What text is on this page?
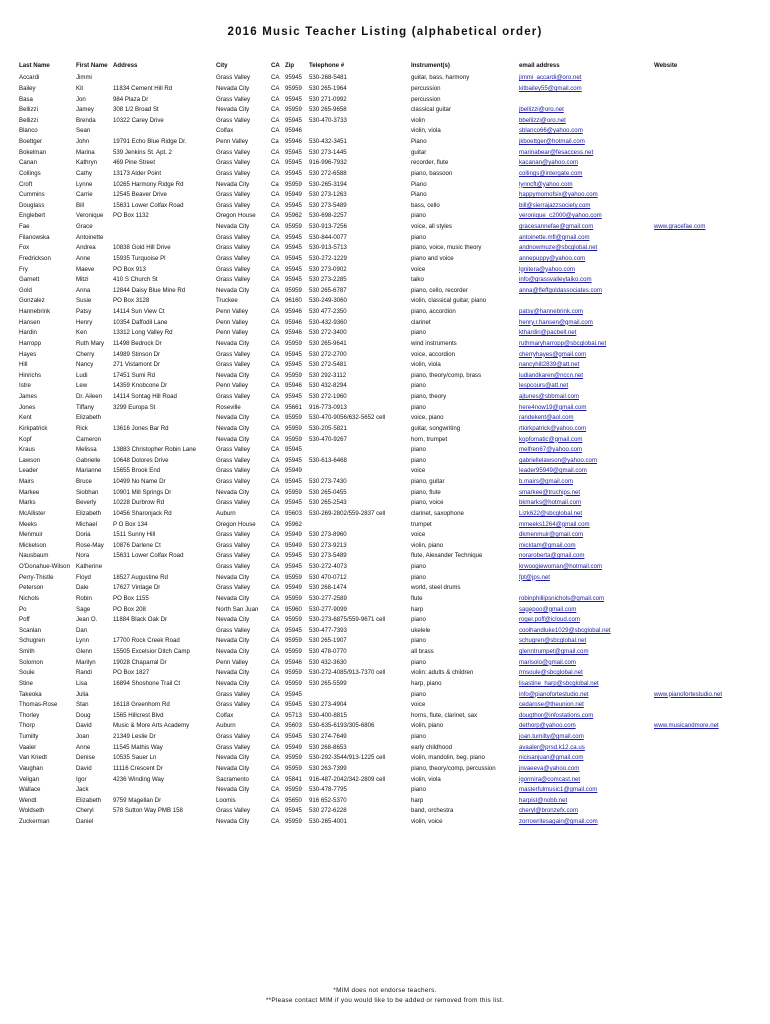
2016 Music Teacher Listing (alphabetical order)
Last Name	First Name	Address	City	CA	Zip	Telephone #	Instrument(s)	email address	Website
Accardi	Jimmi		Grass Valley	CA	95945	530-268-5481	guitar, bass, harmony	jimmi_accardi@oro.net	
Bailey	Kit	11834 Cement Hill Rd	Nevada City	CA	95959	530 265-1964	percussion	kitbailey55@gmail.com	
Basa	Jon	984 Plaza Dr	Grass Valley	CA	95945	530 271-0992	percussion		
Bellizzi	Jamey	308 1/2 Broad St	Nevada City	CA	95959	530 265-9658	classical guitar	jbellizzi@oro.net	
Bellizzi	Brenda	10322 Carey Drive	Grass Valley	CA	95945	530-470-3733	violin	bbellizzi@oro.net	
Blanco	Sean		Colfax	CA	95946		violin, viola	sblanco66@yahoo.com	
Boettger	John	19791 Echo Blue Ridge Dr.	Penn Valley	Ca	95946	530-432-3451	Piano	jkboettger@hotmail.com	
Bokelman	Marina	539 Jenkins St. Apt. 2	Grass Valley	CA	95945	530 273-1445	guitar	marinabear@fesaccess.net	
Canan	Kathryn	469 Pine Street	Grass Valley	CA	95945	916-996-7932	recorder, flute	kacanan@yahoo.com	
Collings	Cathy	13173 Alder Point	Grass Valley	CA	95945	530 272-6588	piano, bassoon	collings@intergate.com	
Croft	Lynne	10265 Harmony Ridge Rd	Nevada City	Ca	95959	530-265-3194	Piano	lynncft@yahoo.com	
Cummins	Carrie	12545 Beaver Drive	Grass Valley	CA	95949	530 273-1263	Piano	happymomofsix@yahoo.com	
Douglass	Bill	15631 Lower Colfax Road	Grass Valley	CA	95945	530 273-5489	bass, cello	bill@sierrajazzsociety.com	
Englebert	Veronique	PO Box 1132	Oregon House	CA	95962	530-698-2257	piano	veronique_c2000@yahoo.com	
Fae	Grace		Nevada City	CA	95959	530-913-7256	voice, all styles	gracesannefae@gmail.com	www.gracefae.com
Filanowska	Antoinette		Grass Valley	CA	95945	530-844-0077	piano	antoinette.mfl@gmail.com	
Fox	Andrea	10838 Gold Hill Drive	Grass Valley	CA	95945	530-913-5713	piano, voice, music theory	andnowmuze@sbcglobal.net	
Fredrickson	Anne	15935 Turquoise Pl	Grass Valley	CA	95945	530-272-1229	piano and voice	annepuppy@yahoo.com	
Fry	Maeve	PO Box 913	Grass Valley	CA	95945	530 273-0902	voice	lgnitera@yahoo.com	
Garnett	Mitzi	410 S Church St	Grass Valley	CA	95945	530 273-2285	taiko	info@grassvalleytaiko.com	
Gold	Anna	12844 Daisy Blue Mine Rd	Nevada City	CA	95959	530 265-6787	piano, cello, recorder	anna@fleffgoldassociates.com	
Gonzalez	Susie	PO Box 3128	Truckee	CA	96160	530-249-3060	violin, classical guitar, piano		
Hannebrink	Patsy	14114 Sun View Ct	Penn Valley	CA	95946	530 477-2350	piano, accordion	patsy@hannebrink.com	
Hansen	Henry	10354 Daffodil Lane	Penn Valley	CA	95946	530-432-9360	clarinet	henry.r.hansen@gmail.com	
Hardin	Ken	13312 Long Valley Rd	Penn Valley	CA	95946	530 272-3400	piano	kthardin@pacbell.net	
Harropp	Ruth Mary	11498 Bedrock Dr	Nevada City	CA	95959	530 265-9641	wind instruments	ruthmaryharropp@sbcglobal.net	
Hayes	Cherry	14989 Stinson Dr	Grass Valley	CA	95945	530 272-2700	voice, accordion	cherryhayes@gmail.com	
Hill	Nancy	271 Vistamont Dr	Grass Valley	CA	95945	530 272-5481	violin, viola	nancyhill2839@att.net	
Hinrichs	Ludi	17451 Sumi Rd	Nevada City	CA	95959	530 292-3112	piano, theory/comp, brass	ludiandkaren@nccn.net	
Istre	Lew	14359 Knobcone Dr	Penn Valley	CA	95946	530 432-8294	piano	lespcours@att.net	
James	Dr. Aileen	14114 Sontag Hill Road	Grass Valley	CA	95945	530 272-1960	piano, theory	ajtunes@sbbmail.com	
Jones	Tiffany	3299 Europa St	Roseville	CA	95661	916-773-0913	piano	here4now19@gmail.com	
Kent	Elizabeth		Nevada City	CA	95959	530-470-9056/632-5652 cell	voice, piano	randekent@aol.com	
Kirkpatrick	Rick	13616 Jones Bar Rd	Nevada City	CA	95959	530-205-5821	guitar, songwriting	rtkirkpatrick@yahoo.com	
Kopf	Cameron		Nevada City	CA	95959	530-470-9267	horn, trumpet	kopfomatic@gmail.com	
Kraus	Melissa	13883 Christopher Robin Lane	Grass Valley	CA	95945		piano	melfren67@yahoo.com	
Lawson	Gabrielle	10648 Dolores Drive	Grass Valley	CA	95945	530-613-6468	piano	gabriellelawson@yahoo.com	
Leader	Marianne	15655 Brook End	Grass Valley	CA	95949		voice	leader95949@gmail.com	
Mairs	Bruce	10499 No Name Dr	Grass Valley	CA	95945	530 273-7430	piano, guitar	b.mairs@gmail.com	
Markee	Siobhan	10901 Mill Springs Dr	Nevada City	CA	95959	530 265-0455	piano, flute	smarkee@truchips.net	
Marks	Beverly	10228 Durbrow Rd	Grass Valley	CA	95945	530 265-2543	piano, voice	bkmarks@hotmail.com	
McAllister	Elizabeth	10456 Sharonjack Rd	Auburn	CA	95603	530-269-2802/559-2837 cell	clarinet, saxophone	Lizk622@sbcglobal.net	
Meeks	Michael	P O Box 134	Oregon House	CA	95962		trumpet	mmeeks1264@gmail.com	
Menmuir	Doria	1511 Sunny Hill	Grass Valley	CA	95949	530 273-8960	voice	dkmenmuir@gmail.com	
Mickelson	Rose-May	10876 Darlene Ct	Grass Valley	CA	95949	530 273-9213	violin, piano	micktam@gmail.com	
Nausbaum	Nora	15631 Lower Colfax Road	Grass Valley	CA	95945	530 273-5489	flute, Alexander Technique	noraroberta@gmail.com	
O'Donahue-Wilson	Katherine		Grass Valley	CA	95945	530-272-4073	piano	krwoogiewoman@hotmail.com	
Perry-Thistle	Floyd	18527 Augustine Rd	Nevada City	CA	95959	530 470-0712	piano	fpt@jps.net	
Peterson	Dale	17627 Vintage Dr	Grass Valley	CA	95949	530 268-1474	world, steel drums		
Nichols	Robin	PO Box 1155	Nevada City	CA	95959	530-277-2589	flute	robinphillipsnichols@gmail.com	
Po	Sage	PO Box 208	North San Juan	CA	95960	530-277-9099	harp	sagepoo@gmail.com	
Poff	Jean O.	11884 Black Oak Dr	Nevada City	CA	95959	530-273-6875/559-9671 cell	piano	roger.poff@icloud.com	
Scanlan	Dan		Grass Valley	CA	95945	530-477-7393	ukelele	coolhandluke1029@sbcglobal.net	
Schugren	Lynn	17700 Rock Creek Road	Nevada City	CA	95959	530 265-1907	piano	schugren@sbcglobal.net	
Smith	Glenn	15505 Excelsior Ditch Camp	Nevada City	CA	95959	530 478-0770	all brass	glenntrumpet@gmail.com	
Solomon	Marilyn	19028 Chaparral Dr	Penn Valley	CA	95946	530 432-3630	piano	marisolo@gmail.com	
Soule	Randi	PO Box 1827	Nevada City	CA	95959	530-272-4085/913-7370 cell	violin: adults & children	rmsoule@sbcglobal.net	
Stine	Lisa	16894 Shoshone Trail Ct	Nevada City	CA	95959	530 265-5599	harp, piano	lisastine_harp@sbcglobal.net	
Takeoka	Julia		Grass Valley	CA	95945		piano	info@pianofortestudio.net	www.pianofortestudio.net
Thomas-Rose	Stan	16118 Greenhorn Rd	Grass Valley	CA	95945	530 273-4904	voice	cedarose@theunion.net	
Thorley	Doug	1565 Hillcrest Blvd	Colfax	CA	95713	530-400-8815	horns, flute, clarinet, sax	dougthor@infostations.com	
Thorp	David	Music & More Arts Academy	Auburn	CA	95603	530-635-6193/305-6806	violin, piano	dethorp@yahoo.com	www.musicandmore.net
Tumilty	Joan	21349 Leslie Dr	Grass Valley	CA	95945	530 274-7649	piano	joan.tumilty@gmail.com	
Vaaler	Anne	11545 Mathis Way	Grass Valley	CA	95949	530 268-8653	early childhood	avaaler@prsd.k12.ca.us	
Van Kriedt	Denise	10535 Sauer Ln	Nevada City	CA	95959	530-292-3544/913-1225 cell	violin, mandolin, beg. piano	nicisanjuan@gmail.com	
Vaughan	David	11116 Crescent Dr	Nevada City	CA	95959	530 263-7399	piano, theory/comp, percussion	jnvaeeva@yahoo.com	
Veligan	Igor	4236 Winding Way	Sacramento	CA	95841	916-487-2042/342-2809 cell	violin, viola	igormira@comcast.net	
Wallace	Jack		Nevada City	CA	95959	530-478-7795	piano	masterfulmusic1@gmail.com	
Wendt	Elizabeth	9759 Magellan Dr	Loomis	CA	95650	916 652-5370	harp	harpist@nobb.net	
Woldseth	Cheryl	578 Sutton Way PMB 158	Grass Valley	CA	95945	530 272-6228	band, orchestra	cheryl@bronzefx.com	
Zuckerman	Daniel		Nevada City	CA	95959	530-265-4001	violin, voice	zorrowritesagain@gmail.com	
*MIM does not endorse teachers.
**Please contact MIM if you would like to be added or removed from this list.
